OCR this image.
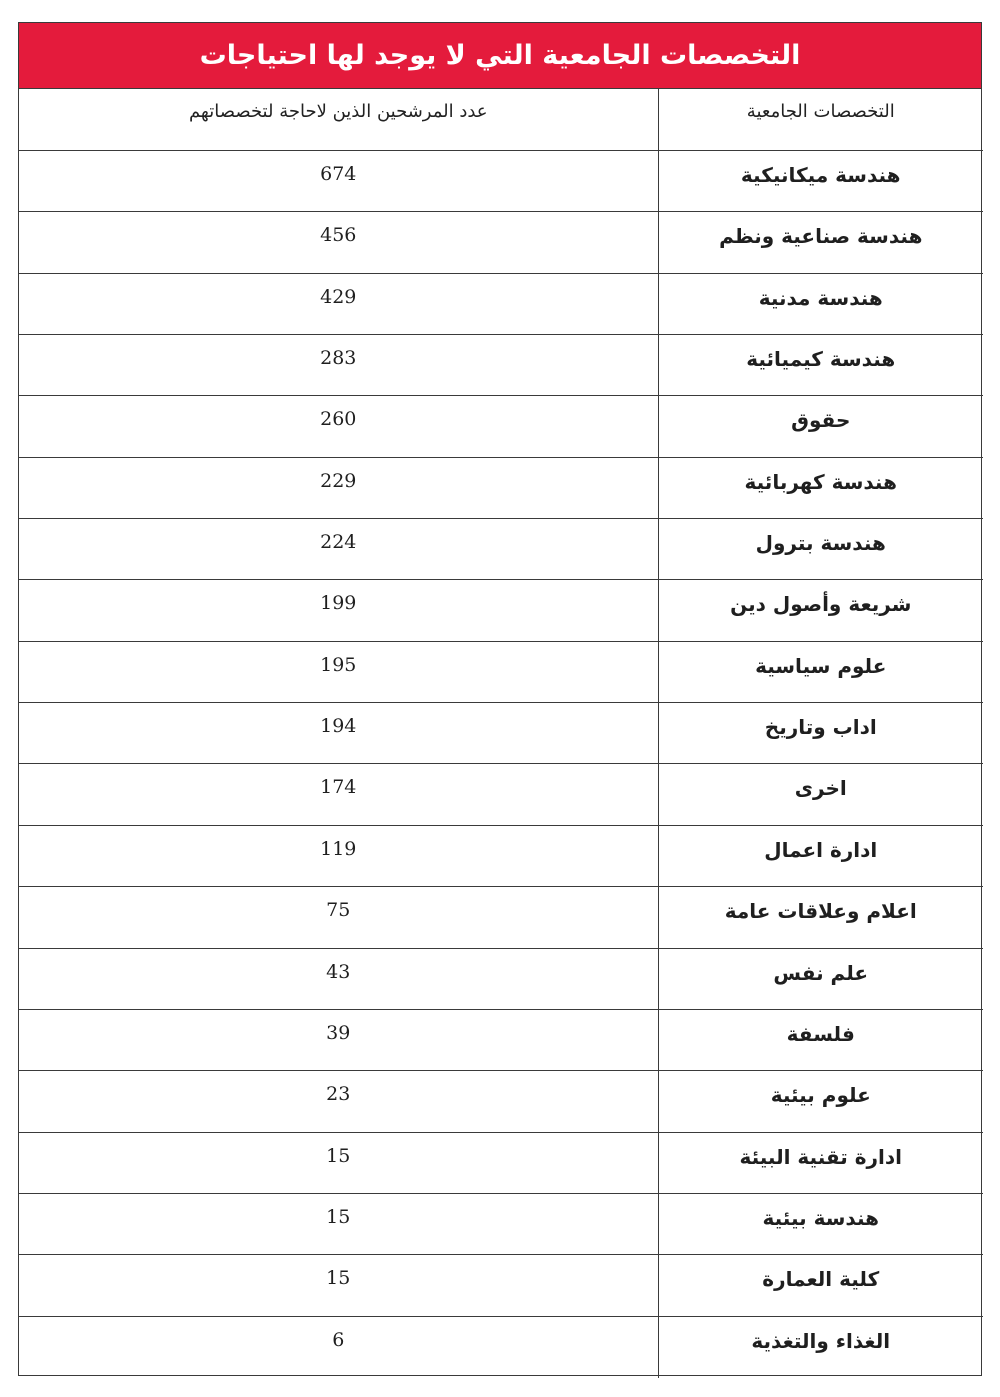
التخصصات الجامعية التي لا يوجد لها احتياجات
عدد المرشحين الذين لاحاجة لتخصصاتهم	التخصصات الجامعية

674	هندسة ميكانيكية

456	هندسة صناعية ونظم

429	هندسة مدنية

283	هندسة كيميائية

260	حقوق

229	هندسة كهربائية

224	هندسة بترول

199	شريعة وأصول دين

195	علوم سياسية

194	اداب وتاريخ

174	اخرى

119	ادارة اعمال

75	اعلام وعلاقات عامة

43	علم نفس

39	فلسفة

23	علوم بيئية

15	ادارة تقنية البيئة

15	هندسة بيئية

15	كلية العمارة

6	الغذاء والتغذية
